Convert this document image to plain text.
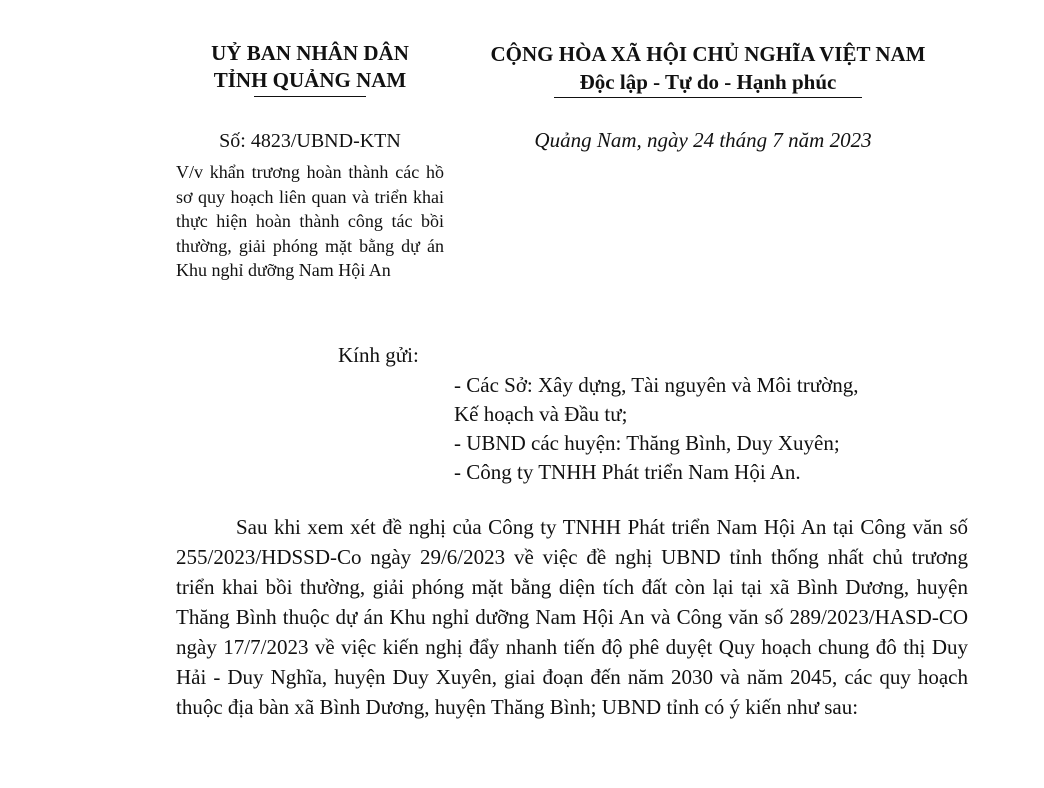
UỶ BAN NHÂN DÂN
TỈNH QUẢNG NAM
CỘNG HÒA XÃ HỘI CHỦ NGHĨA VIỆT NAM
Độc lập - Tự do - Hạnh phúc
Số: 4823/UBND-KTN	Quảng Nam, ngày 24 tháng 7 năm 2023

V/v khẩn trương hoàn thành các hồ sơ quy hoạch liên quan và triển khai thực hiện hoàn thành công tác bồi thường, giải phóng mặt bằng dự án Khu nghỉ dưỡng Nam Hội An

Kính gửi:
- Các Sở: Xây dựng, Tài nguyên và Môi trường,
Kế hoạch và Đầu tư;
- UBND các huyện: Thăng Bình, Duy Xuyên;
- Công ty TNHH Phát triển Nam Hội An.

Sau khi xem xét đề nghị của Công ty TNHH Phát triển Nam Hội An tại Công văn số 255/2023/HDSSD-Co ngày 29/6/2023 về việc đề nghị UBND tỉnh thống nhất chủ trương triển khai bồi thường, giải phóng mặt bằng diện tích đất còn lại tại xã Bình Dương, huyện Thăng Bình thuộc dự án Khu nghỉ dưỡng Nam Hội An và Công văn số 289/2023/HASD-CO ngày 17/7/2023 về việc kiến nghị đẩy nhanh tiến độ phê duyệt Quy hoạch chung đô thị Duy Hải - Duy Nghĩa, huyện Duy Xuyên, giai đoạn đến năm 2030 và năm 2045, các quy hoạch thuộc địa bàn xã Bình Dương, huyện Thăng Bình; UBND tỉnh có ý kiến như sau:
